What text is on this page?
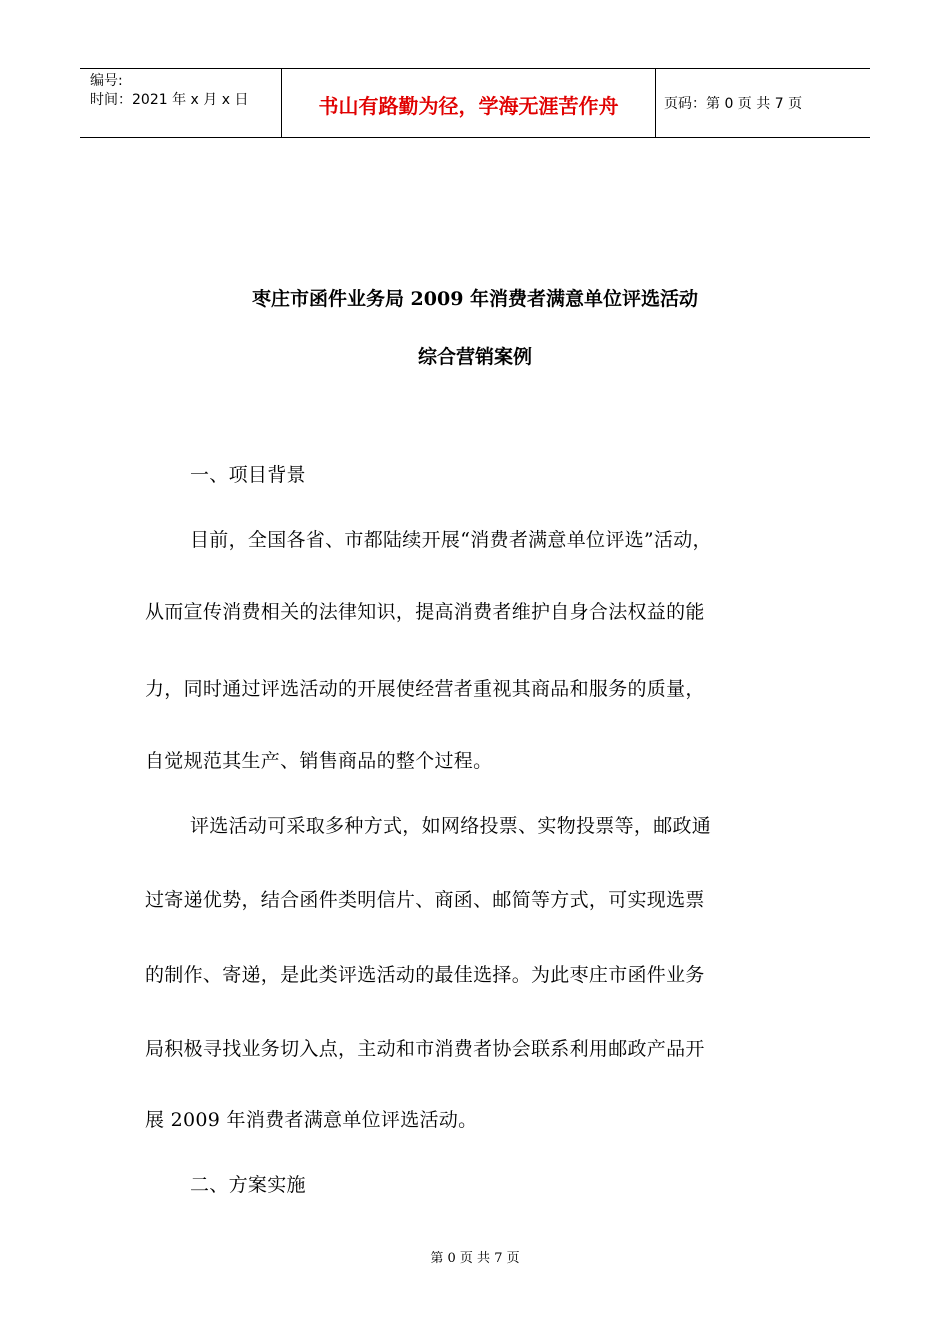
编号:
时间：2021 年 x 月 x 日	书山有路勤为径，学海无涯苦作舟	页码：第 0 页 共 7 页
枣庄市函件业务局 2009 年消费者满意单位评选活动
综合营销案例
一、项目背景
目前，全国各省、市都陆续开展“消费者满意单位评选”活动，
从而宣传消费相关的法律知识，提高消费者维护自身合法权益的能
力，同时通过评选活动的开展使经营者重视其商品和服务的质量，
自觉规范其生产、销售商品的整个过程。
评选活动可采取多种方式，如网络投票、实物投票等，邮政通
过寄递优势，结合函件类明信片、商函、邮简等方式，可实现选票
的制作、寄递，是此类评选活动的最佳选择。为此枣庄市函件业务
局积极寻找业务切入点，主动和市消费者协会联系利用邮政产品开
展 2009 年消费者满意单位评选活动。
二、方案实施
第 0 页 共 7 页
